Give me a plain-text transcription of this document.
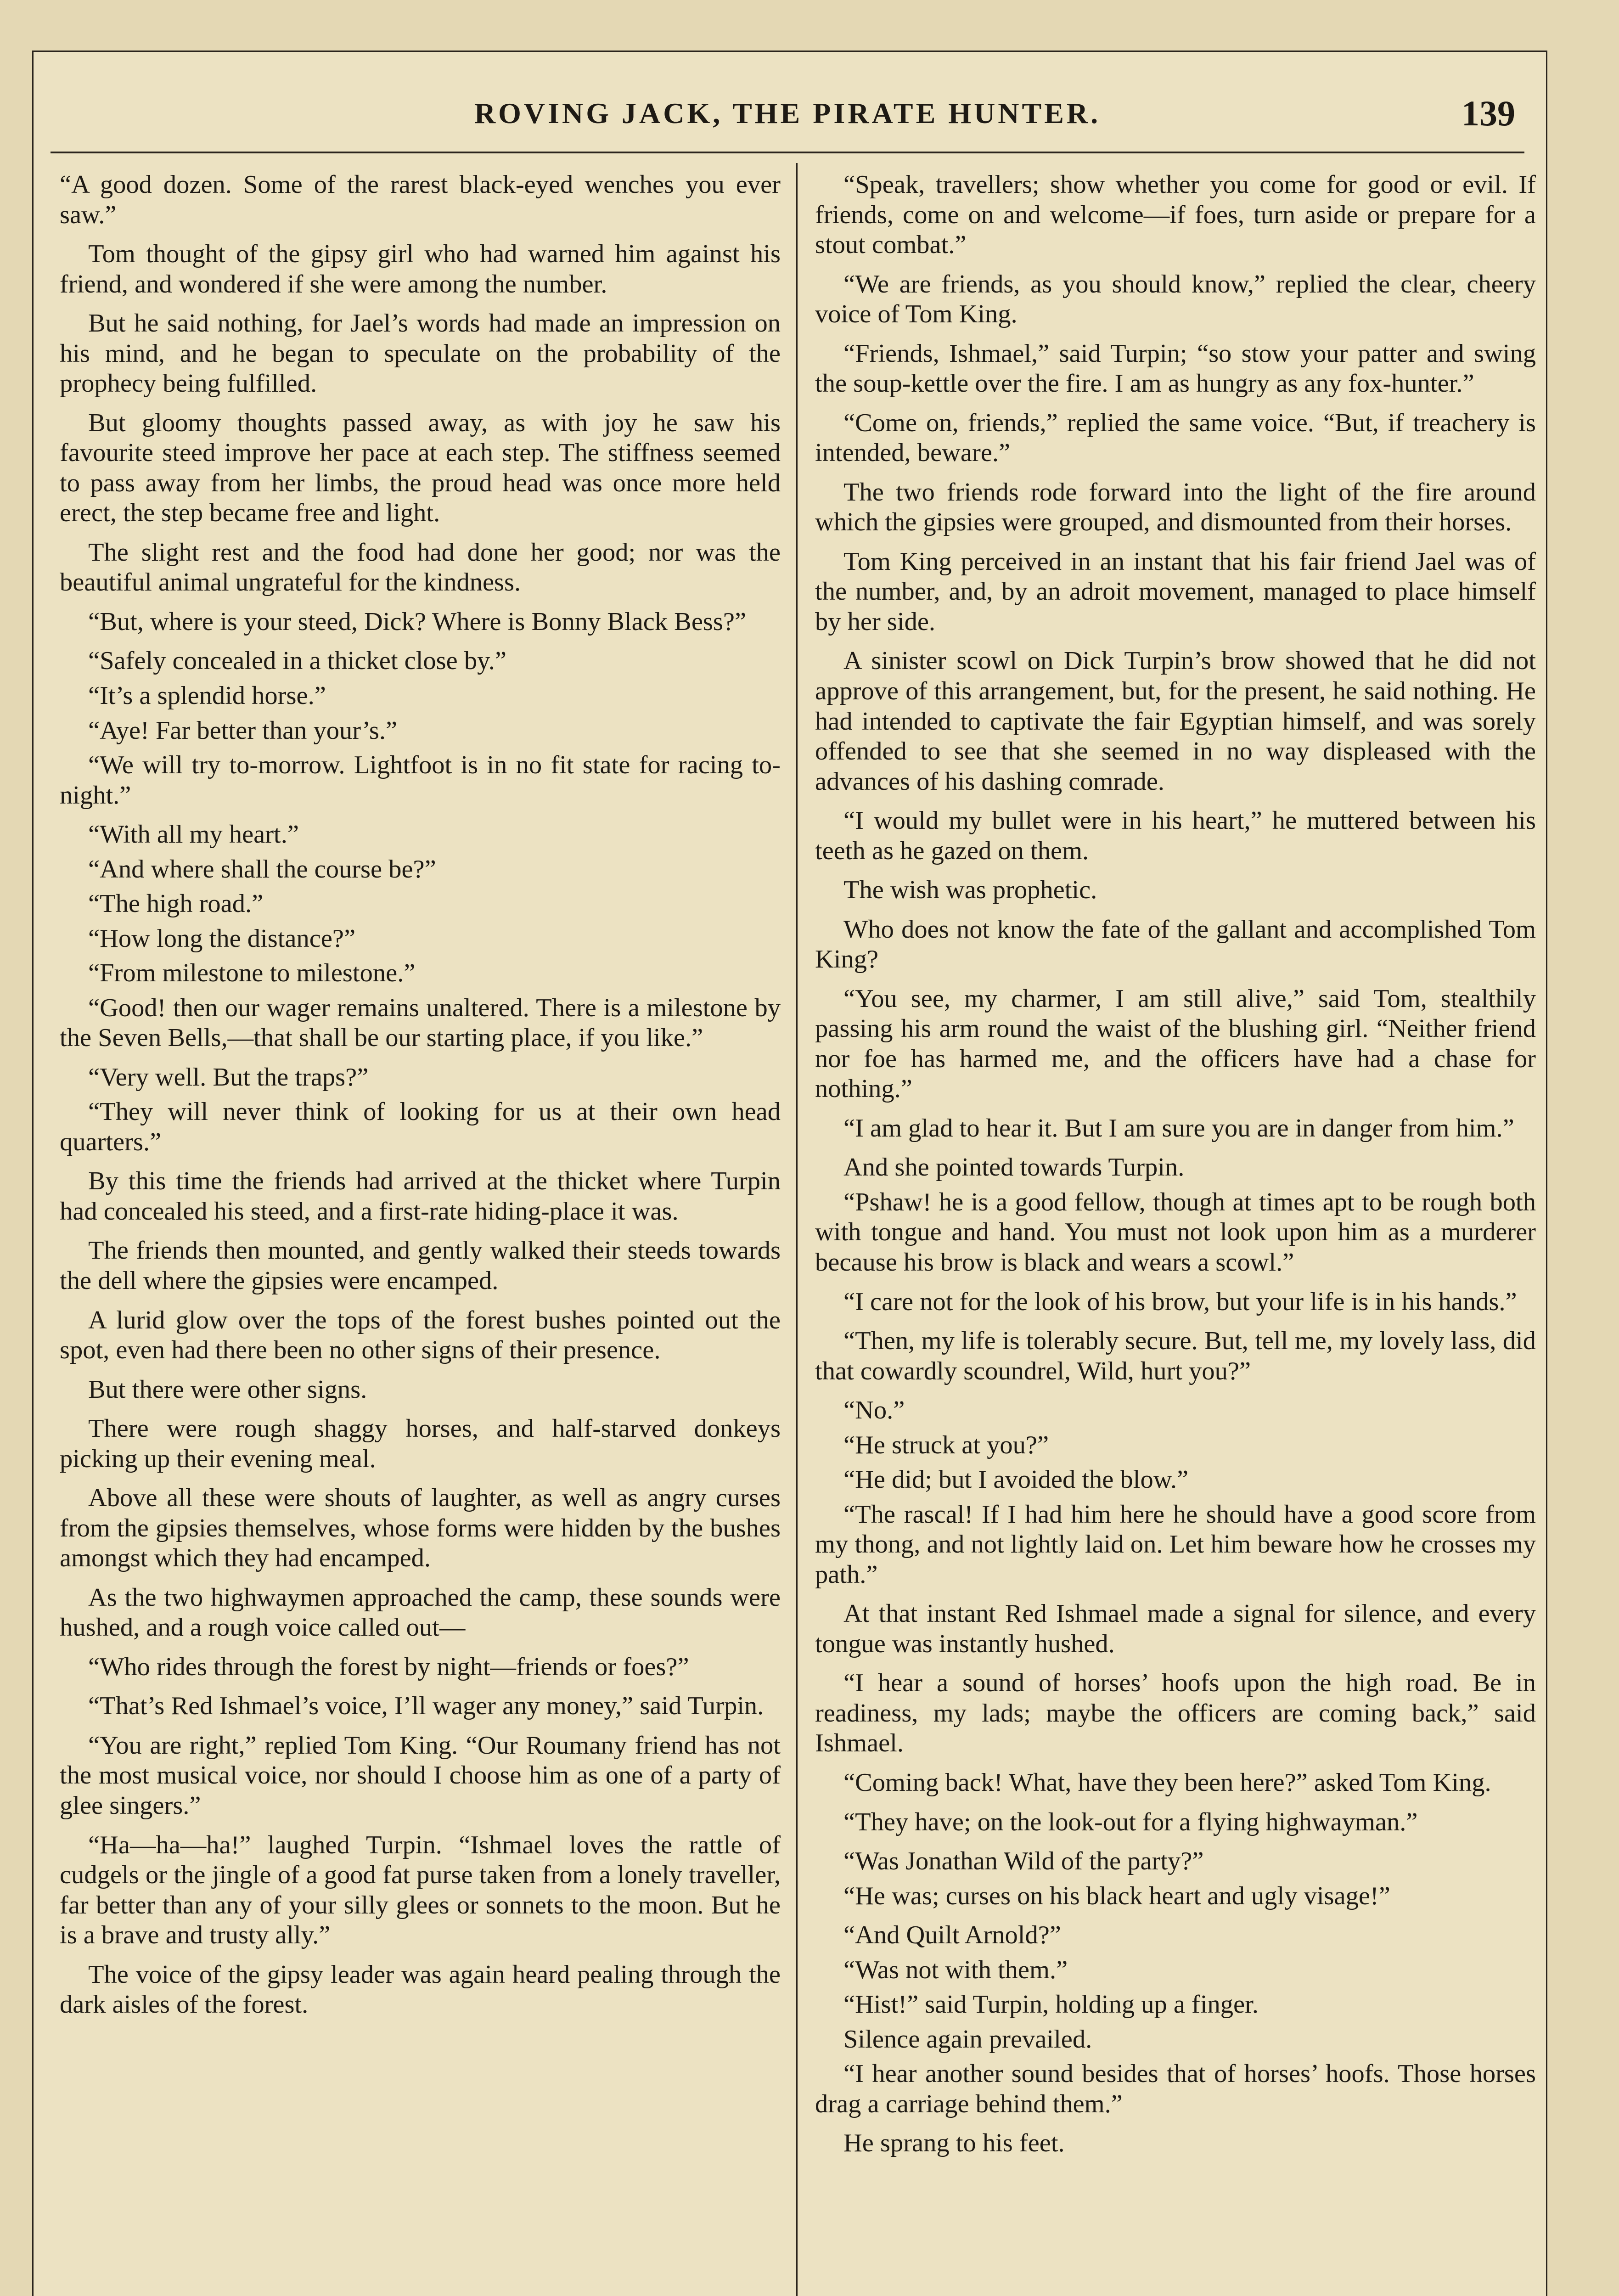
ROVING JACK, THE PIRATE HUNTER.	139

“A good dozen. Some of the rarest black-eyed wenches you ever saw.”

Tom thought of the gipsy girl who had warned him against his friend, and wondered if she were among the number.

But he said nothing, for Jael’s words had made an impression on his mind, and he began to speculate on the probability of the prophecy being fulfilled.

But gloomy thoughts passed away, as with joy he saw his favourite steed improve her pace at each step. The stiffness seemed to pass away from her limbs, the proud head was once more held erect, the step became free and light.

The slight rest and the food had done her good; nor was the beautiful animal ungrateful for the kindness.

“But, where is your steed, Dick? Where is Bonny Black Bess?”

“Safely concealed in a thicket close by.”
“It’s a splendid horse.”
“Aye! Far better than your’s.”

“We will try to-morrow. Lightfoot is in no fit state for racing to-night.”

“With all my heart.”
“And where shall the course be?”
“The high road.”
“How long the distance?”
“From milestone to milestone.”

“Good! then our wager remains unaltered. There is a milestone by the Seven Bells,—that shall be our starting place, if you like.”

“Very well. But the traps?”

“They will never think of looking for us at their own head quarters.”

By this time the friends had arrived at the thicket where Turpin had concealed his steed, and a first-rate hiding-place it was.

The friends then mounted, and gently walked their steeds towards the dell where the gipsies were encamped.

A lurid glow over the tops of the forest bushes pointed out the spot, even had there been no other signs of their presence.

But there were other signs.

There were rough shaggy horses, and half-starved donkeys picking up their evening meal.

Above all these were shouts of laughter, as well as angry curses from the gipsies themselves, whose forms were hidden by the bushes amongst which they had encamped.

As the two highwaymen approached the camp, these sounds were hushed, and a rough voice called out—

“Who rides through the forest by night—friends or foes?”

“That’s Red Ishmael’s voice, I’ll wager any money,” said Turpin.

“You are right,” replied Tom King. “Our Roumany friend has not the most musical voice, nor should I choose him as one of a party of glee singers.”

“Ha—ha—ha!” laughed Turpin. “Ishmael loves the rattle of cudgels or the jingle of a good fat purse taken from a lonely traveller, far better than any of your silly glees or sonnets to the moon. But he is a brave and trusty ally.”

The voice of the gipsy leader was again heard pealing through the dark aisles of the forest.

“Speak, travellers; show whether you come for good or evil. If friends, come on and welcome—if foes, turn aside or prepare for a stout combat.”

“We are friends, as you should know,” replied the clear, cheery voice of Tom King.

“Friends, Ishmael,” said Turpin; “so stow your patter and swing the soup-kettle over the fire. I am as hungry as any fox-hunter.”

“Come on, friends,” replied the same voice. “But, if treachery is intended, beware.”

The two friends rode forward into the light of the fire around which the gipsies were grouped, and dismounted from their horses.

Tom King perceived in an instant that his fair friend Jael was of the number, and, by an adroit movement, managed to place himself by her side.

A sinister scowl on Dick Turpin’s brow showed that he did not approve of this arrangement, but, for the present, he said nothing. He had intended to captivate the fair Egyptian himself, and was sorely offended to see that she seemed in no way displeased with the advances of his dashing comrade.

“I would my bullet were in his heart,” he muttered between his teeth as he gazed on them.

The wish was prophetic.

Who does not know the fate of the gallant and accomplished Tom King?

“You see, my charmer, I am still alive,” said Tom, stealthily passing his arm round the waist of the blushing girl. “Neither friend nor foe has harmed me, and the officers have had a chase for nothing.”

“I am glad to hear it. But I am sure you are in danger from him.”

And she pointed towards Turpin.

“Pshaw! he is a good fellow, though at times apt to be rough both with tongue and hand. You must not look upon him as a murderer because his brow is black and wears a scowl.”

“I care not for the look of his brow, but your life is in his hands.”

“Then, my life is tolerably secure. But, tell me, my lovely lass, did that cowardly scoundrel, Wild, hurt you?”

“No.”
“He struck at you?”
“He did; but I avoided the blow.”

“The rascal! If I had him here he should have a good score from my thong, and not lightly laid on. Let him beware how he crosses my path.”

At that instant Red Ishmael made a signal for silence, and every tongue was instantly hushed.

“I hear a sound of horses’ hoofs upon the high road. Be in readiness, my lads; maybe the officers are coming back,” said Ishmael.

“Coming back! What, have they been here?” asked Tom King.

“They have; on the look-out for a flying highwayman.”

“Was Jonathan Wild of the party?”

“He was; curses on his black heart and ugly visage!”

“And Quilt Arnold?”
“Was not with them.”
“Hist!” said Turpin, holding up a finger.
Silence again prevailed.

“I hear another sound besides that of horses’ hoofs. Those horses drag a carriage behind them.”

He sprang to his feet.
